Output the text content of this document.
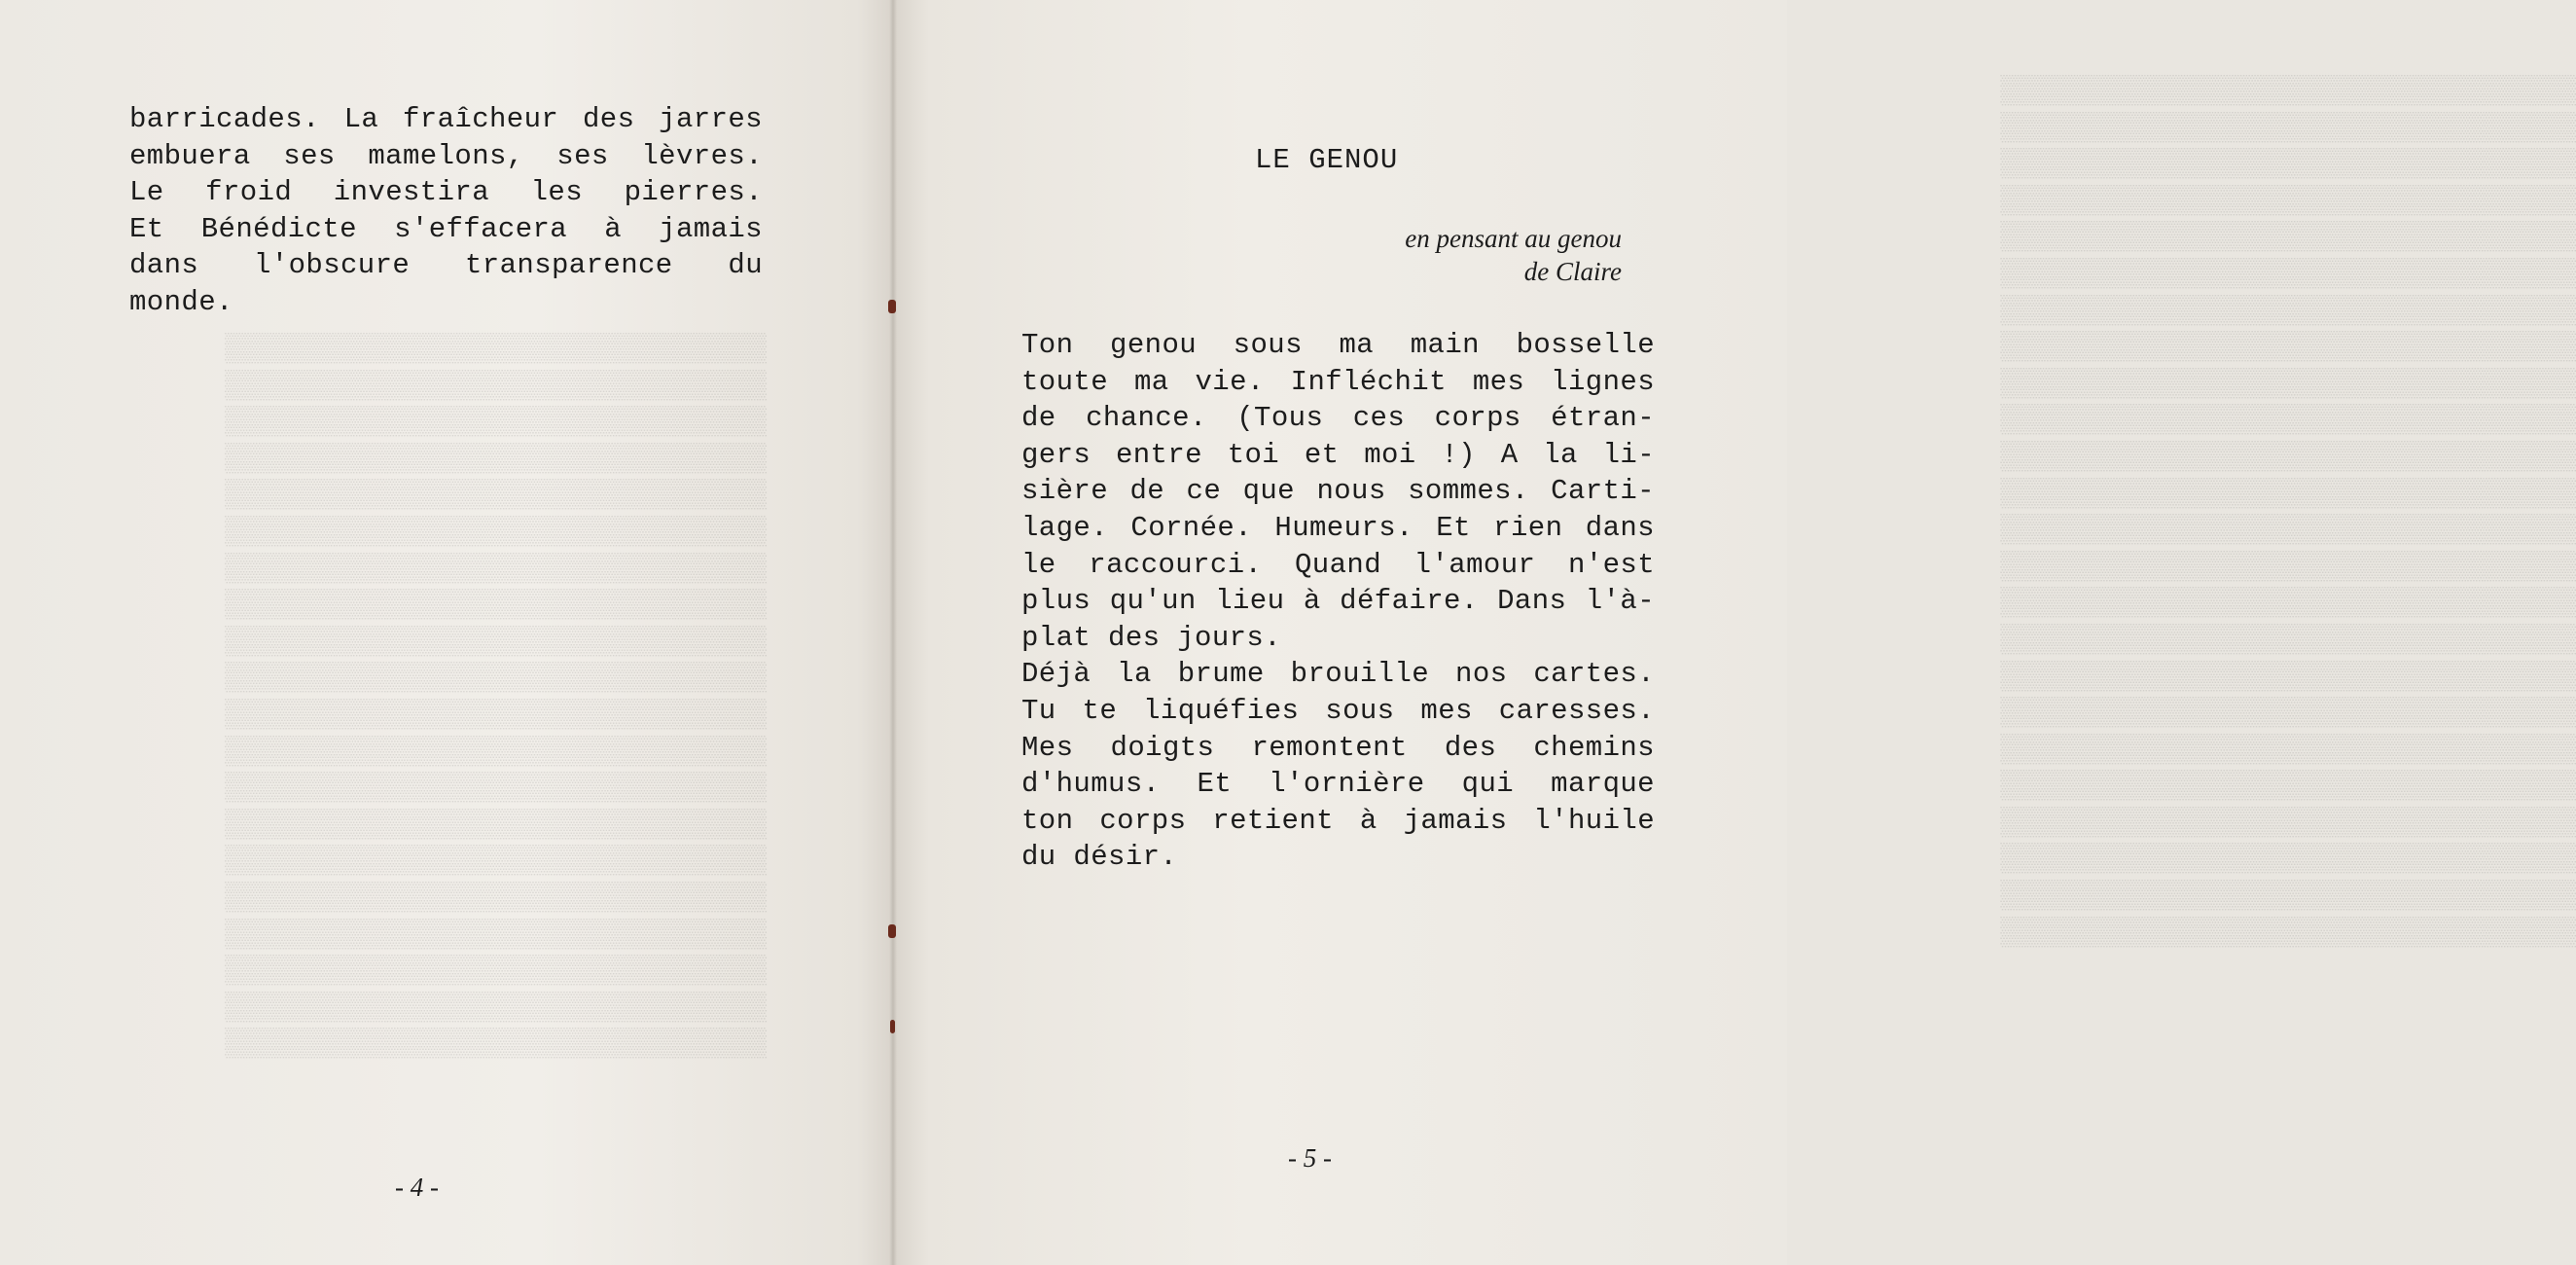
▒▒▒▒▒▒▒▒▒▒▒▒▒▒▒▒▒▒▒▒▒▒▒▒▒▒▒▒▒▒▒▒
▒▒▒▒▒▒▒▒▒▒▒▒▒▒▒▒▒▒▒▒▒▒▒▒▒▒▒▒▒▒▒▒
▒▒▒▒▒▒▒▒▒▒▒▒▒▒▒▒▒▒▒▒▒▒▒▒▒▒▒▒▒▒▒▒
▒▒▒▒▒▒▒▒▒▒▒▒▒▒▒▒▒▒▒▒▒▒▒▒▒▒▒▒▒▒▒▒
▒▒▒▒▒▒▒▒▒▒▒▒▒▒▒▒▒▒▒▒▒▒▒▒▒▒▒▒▒▒▒▒
▒▒▒▒▒▒▒▒▒▒▒▒▒▒▒▒▒▒▒▒▒▒▒▒▒▒▒▒▒▒▒▒
▒▒▒▒▒▒▒▒▒▒▒▒▒▒▒▒▒▒▒▒▒▒▒▒▒▒▒▒▒▒▒▒
▒▒▒▒▒▒▒▒▒▒▒▒▒▒▒▒▒▒▒▒▒▒▒▒▒▒▒▒▒▒▒▒
▒▒▒▒▒▒▒▒▒▒▒▒▒▒▒▒▒▒▒▒▒▒▒▒▒▒▒▒▒▒▒▒
▒▒▒▒▒▒▒▒▒▒▒▒▒▒▒▒▒▒▒▒▒▒▒▒▒▒▒▒▒▒▒▒
▒▒▒▒▒▒▒▒▒▒▒▒▒▒▒▒▒▒▒▒▒▒▒▒▒▒▒▒▒▒▒▒
▒▒▒▒▒▒▒▒▒▒▒▒▒▒▒▒▒▒▒▒▒▒▒▒▒▒▒▒▒▒▒▒
▒▒▒▒▒▒▒▒▒▒▒▒▒▒▒▒▒▒▒▒▒▒▒▒▒▒▒▒▒▒▒▒
▒▒▒▒▒▒▒▒▒▒▒▒▒▒▒▒▒▒▒▒▒▒▒▒▒▒▒▒▒▒▒▒
▒▒▒▒▒▒▒▒▒▒▒▒▒▒▒▒▒▒▒▒▒▒▒▒▒▒▒▒▒▒▒▒
▒▒▒▒▒▒▒▒▒▒▒▒▒▒▒▒▒▒▒▒▒▒▒▒▒▒▒▒▒▒▒▒
▒▒▒▒▒▒▒▒▒▒▒▒▒▒▒▒▒▒▒▒▒▒▒▒▒▒▒▒▒▒▒▒
▒▒▒▒▒▒▒▒▒▒▒▒▒▒▒▒▒▒▒▒▒▒▒▒▒▒▒▒▒▒▒▒
▒▒▒▒▒▒▒▒▒▒▒▒▒▒▒▒▒▒▒▒▒▒▒▒▒▒▒▒▒▒▒▒
▒▒▒▒▒▒▒▒▒▒▒▒▒▒▒▒▒▒▒▒▒▒▒▒▒▒▒▒▒▒▒▒
barricades. La fraîcheur des jarres
embuera ses mamelons, ses lèvres.
Le froid investira les pierres.
Et Bénédicte s'effacera à jamais
dans l'obscure transparence du
monde.
- 4 -
▒▒▒▒▒▒▒▒▒▒▒▒▒▒▒▒▒▒▒▒▒▒▒▒▒▒▒▒▒▒▒▒▒▒
▒▒▒▒▒▒▒▒▒▒▒▒▒▒▒▒▒▒▒▒▒▒▒▒▒▒▒▒▒▒▒▒▒▒
▒▒▒▒▒▒▒▒▒▒▒▒▒▒▒▒▒▒▒▒▒▒▒▒▒▒▒▒▒▒▒▒▒▒
▒▒▒▒▒▒▒▒▒▒▒▒▒▒▒▒▒▒▒▒▒▒▒▒▒▒▒▒▒▒▒▒▒▒
▒▒▒▒▒▒▒▒▒▒▒▒▒▒▒▒▒▒▒▒▒▒▒▒▒▒▒▒▒▒▒▒▒▒
▒▒▒▒▒▒▒▒▒▒▒▒▒▒▒▒▒▒▒▒▒▒▒▒▒▒▒▒▒▒▒▒▒▒
▒▒▒▒▒▒▒▒▒▒▒▒▒▒▒▒▒▒▒▒▒▒▒▒▒▒▒▒▒▒▒▒▒▒
▒▒▒▒▒▒▒▒▒▒▒▒▒▒▒▒▒▒▒▒▒▒▒▒▒▒▒▒▒▒▒▒▒▒
▒▒▒▒▒▒▒▒▒▒▒▒▒▒▒▒▒▒▒▒▒▒▒▒▒▒▒▒▒▒▒▒▒▒
▒▒▒▒▒▒▒▒▒▒▒▒▒▒▒▒▒▒▒▒▒▒▒▒▒▒▒▒▒▒▒▒▒▒
▒▒▒▒▒▒▒▒▒▒▒▒▒▒▒▒▒▒▒▒▒▒▒▒▒▒▒▒▒▒▒▒▒▒
▒▒▒▒▒▒▒▒▒▒▒▒▒▒▒▒▒▒▒▒▒▒▒▒▒▒▒▒▒▒▒▒▒▒
▒▒▒▒▒▒▒▒▒▒▒▒▒▒▒▒▒▒▒▒▒▒▒▒▒▒▒▒▒▒▒▒▒▒
▒▒▒▒▒▒▒▒▒▒▒▒▒▒▒▒▒▒▒▒▒▒▒▒▒▒▒▒▒▒▒▒▒▒
▒▒▒▒▒▒▒▒▒▒▒▒▒▒▒▒▒▒▒▒▒▒▒▒▒▒▒▒▒▒▒▒▒▒
▒▒▒▒▒▒▒▒▒▒▒▒▒▒▒▒▒▒▒▒▒▒▒▒▒▒▒▒▒▒▒▒▒▒
▒▒▒▒▒▒▒▒▒▒▒▒▒▒▒▒▒▒▒▒▒▒▒▒▒▒▒▒▒▒▒▒▒▒
▒▒▒▒▒▒▒▒▒▒▒▒▒▒▒▒▒▒▒▒▒▒▒▒▒▒▒▒▒▒▒▒▒▒
▒▒▒▒▒▒▒▒▒▒▒▒▒▒▒▒▒▒▒▒▒▒▒▒▒▒▒▒▒▒▒▒▒▒
▒▒▒▒▒▒▒▒▒▒▒▒▒▒▒▒▒▒▒▒▒▒▒▒▒▒▒▒▒▒▒▒▒▒
▒▒▒▒▒▒▒▒▒▒▒▒▒▒▒▒▒▒▒▒▒▒▒▒▒▒▒▒▒▒▒▒▒▒
▒▒▒▒▒▒▒▒▒▒▒▒▒▒▒▒▒▒▒▒▒▒▒▒▒▒▒▒▒▒▒▒▒▒
▒▒▒▒▒▒▒▒▒▒▒▒▒▒▒▒▒▒▒▒▒▒▒▒▒▒▒▒▒▒▒▒▒▒
▒▒▒▒▒▒▒▒▒▒▒▒▒▒▒▒▒▒▒▒▒▒▒▒▒▒▒▒▒▒▒▒▒▒
LE GENOU
en pensant au genou
de Claire
Ton genou sous ma main bosselle
toute ma vie. Infléchit mes lignes
de chance. (Tous ces corps étran-
gers entre toi et moi !) A la li-
sière de ce que nous sommes. Carti-
lage. Cornée. Humeurs. Et rien dans
le raccourci. Quand l'amour n'est
plus qu'un lieu à défaire. Dans l'à-
plat des jours.
Déjà la brume brouille nos cartes.
Tu te liquéfies sous mes caresses.
Mes doigts remontent des chemins
d'humus. Et l'ornière qui marque
ton corps retient à jamais l'huile
du désir.
- 5 -
